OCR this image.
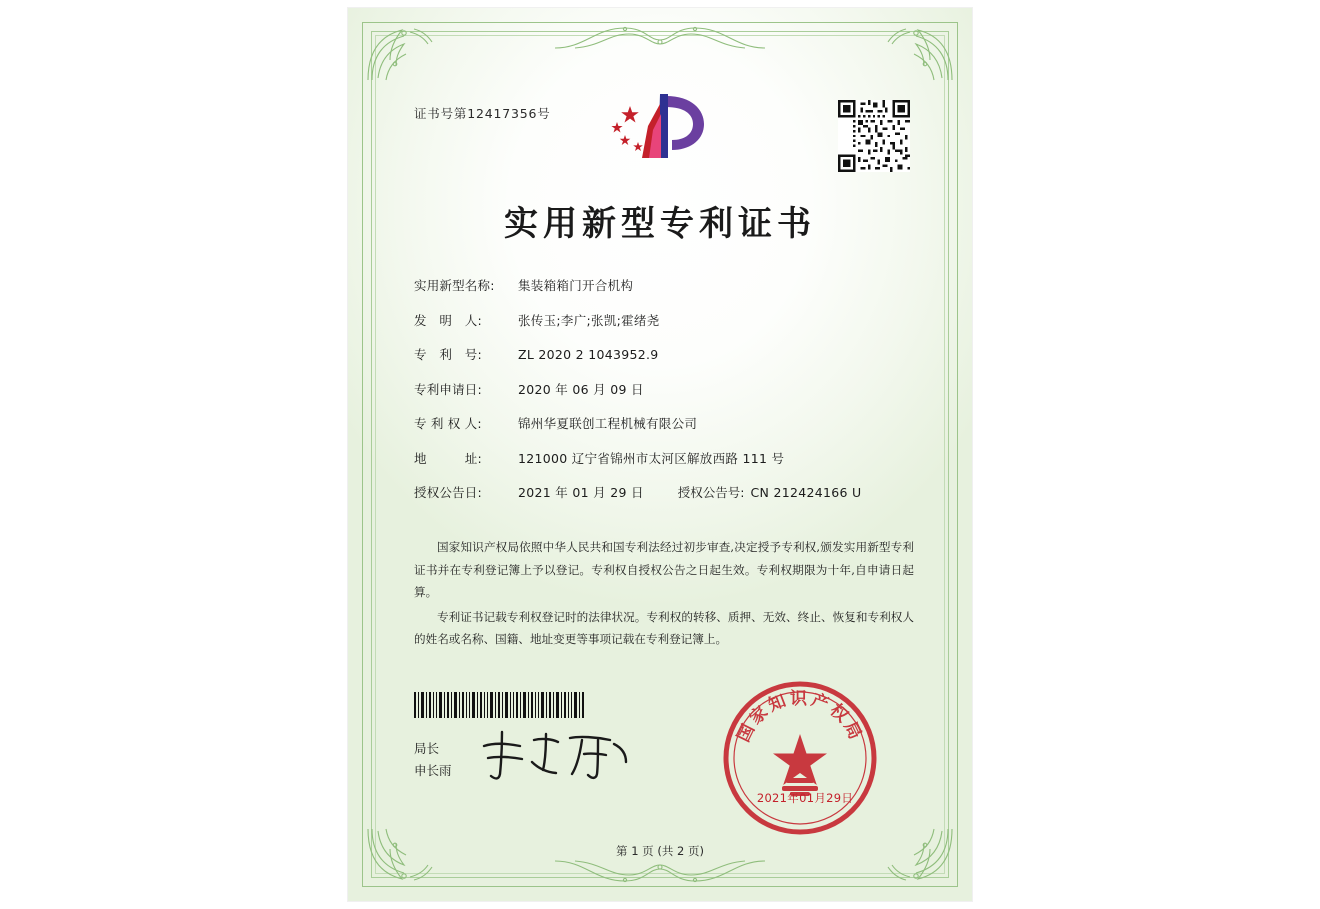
证书号第12417356号
实用新型专利证书
实用新型名称:	集装箱箱门开合机构
发　明　人:	张传玉;李广;张凯;霍绪尧
专　利　号:	ZL 2020 2 1043952.9
专利申请日:	2020 年 06 月 09 日
专 利 权 人:	锦州华夏联创工程机械有限公司
地　　　址:	121000 辽宁省锦州市太河区解放西路 111 号
授权公告日:	2021 年 01 月 29 日	授权公告号: CN 212424166 U

国家知识产权局依照中华人民共和国专利法经过初步审查,决定授予专利权,颁发实用新型专利证书并在专利登记簿上予以登记。专利权自授权公告之日起生效。专利权期限为十年,自申请日起算。

专利证书记载专利权登记时的法律状况。专利权的转移、质押、无效、终止、恢复和专利权人的姓名或名称、国籍、地址变更等事项记载在专利登记簿上。

局长
申长雨
国家知识产权局
2021年01月29日
第 1 页 (共 2 页)
